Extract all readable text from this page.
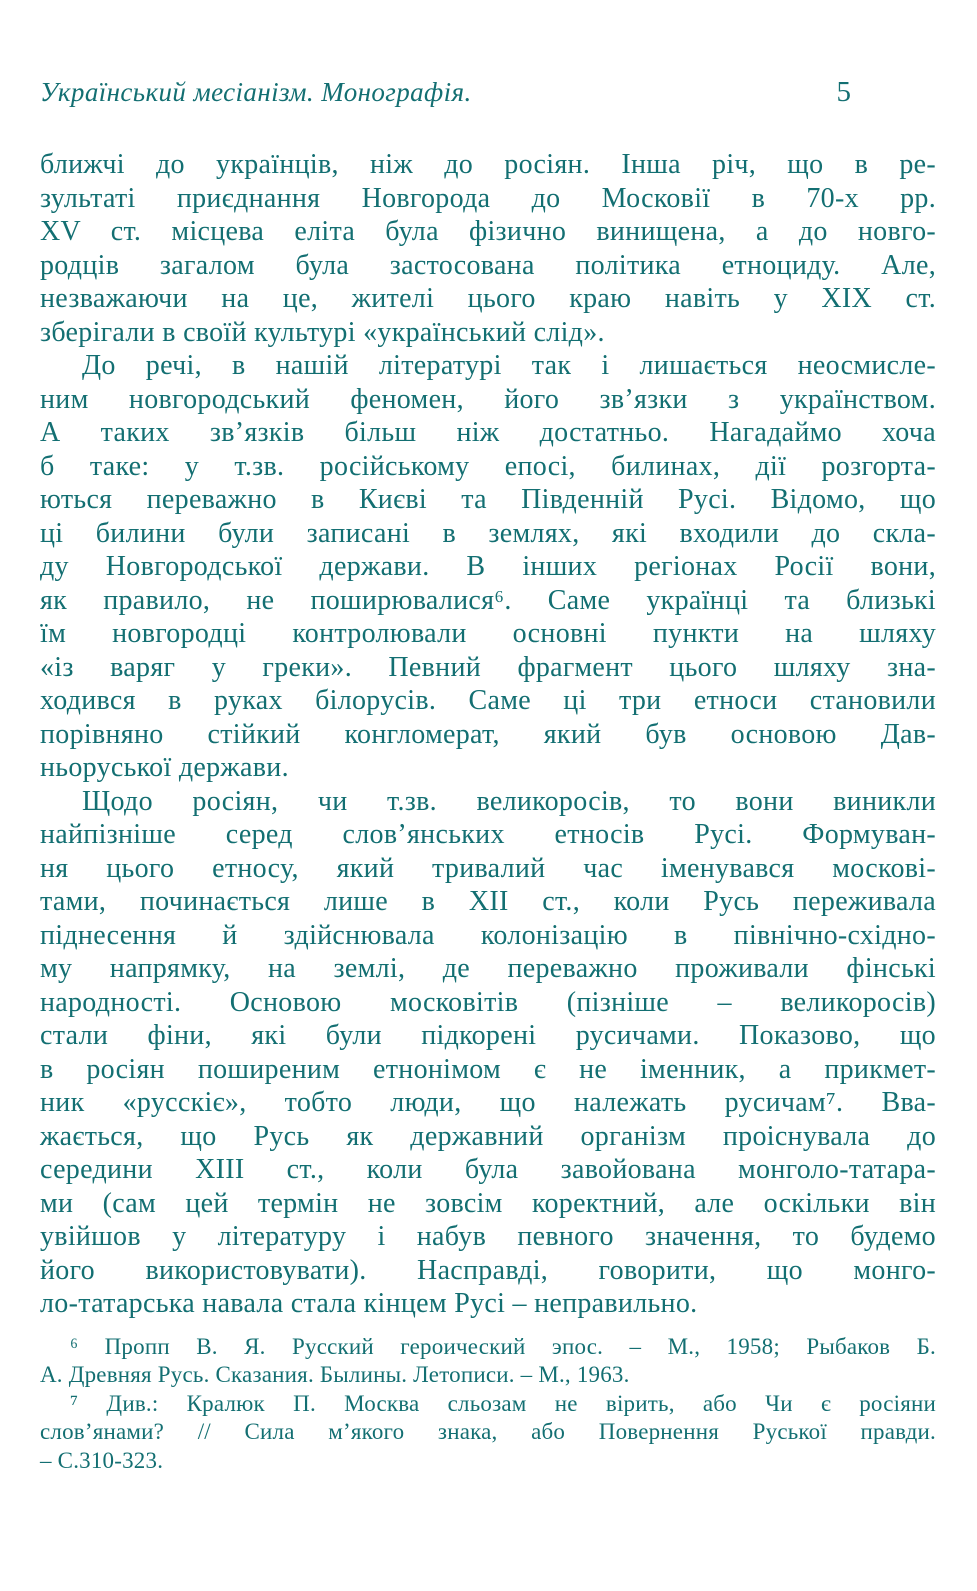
Український месіанізм. Монографія.	5
ближчі до українців, ніж до росіян. Інша річ, що в ре-
зультаті приєднання Новгорода до Московії в 70-х рр.
XV ст. місцева еліта була фізично винищена, а до новго-
родців загалом була застосована політика етноциду. Але,
незважаючи на це, жителі цього краю навіть у XIX ст.
зберігали в своїй культурі «український слід».
До речі, в нашій літературі так і лишається неосмисле-
ним новгородський феномен, його зв’язки з українством.
А таких зв’язків більш ніж достатньо. Нагадаймо хоча
б таке: у т.зв. російському епосі, билинах, дії розгорта-
ються переважно в Києві та Південній Русі. Відомо, що
ці билини були записані в землях, які входили до скла-
ду Новгородської держави. В інших регіонах Росії вони,
як правило, не поширювалися⁶. Саме українці та близькі
їм новгородці контролювали основні пункти на шляху
«із варяг у греки». Певний фрагмент цього шляху зна-
ходився в руках білорусів. Саме ці три етноси становили
порівняно стійкий конгломерат, який був основою Дав-
ньоруської держави.
Щодо росіян, чи т.зв. великоросів, то вони виникли
найпізніше серед слов’янських етносів Русі. Формуван-
ня цього етносу, який тривалий час іменувався московi-
тами, починається лише в XII ст., коли Русь переживала
піднесення й здійснювала колонізацію в північно-східно-
му напрямку, на землі, де переважно проживали фінські
народності. Основою московітів (пізніше – великоросів)
стали фіни, які були підкорені русичами. Показово, що
в росіян поширеним етнонімом є не іменник, а прикмет-
ник «русскіє», тобто люди, що належать русичам⁷. Вва-
жається, що Русь як державний організм проіснувала до
середини XIII ст., коли була завойована монголо-татара-
ми (сам цей термін не зовсім коректний, але оскільки він
увійшов у літературу і набув певного значення, то будемо
його використовувати). Насправді, говорити, що монго-
ло-татарська навала стала кінцем Русі – неправильно.
⁶ Пропп В. Я. Русский героический эпос. – М., 1958; Рыбаков Б.
А. Древняя Русь. Сказания. Былины. Летописи. – М., 1963.
⁷ Див.: Кралюк П. Москва сльозам не вірить, або Чи є росіяни
слов’янами? // Сила м’якого знака, або Повернення Руської правди.
– С.310-323.
